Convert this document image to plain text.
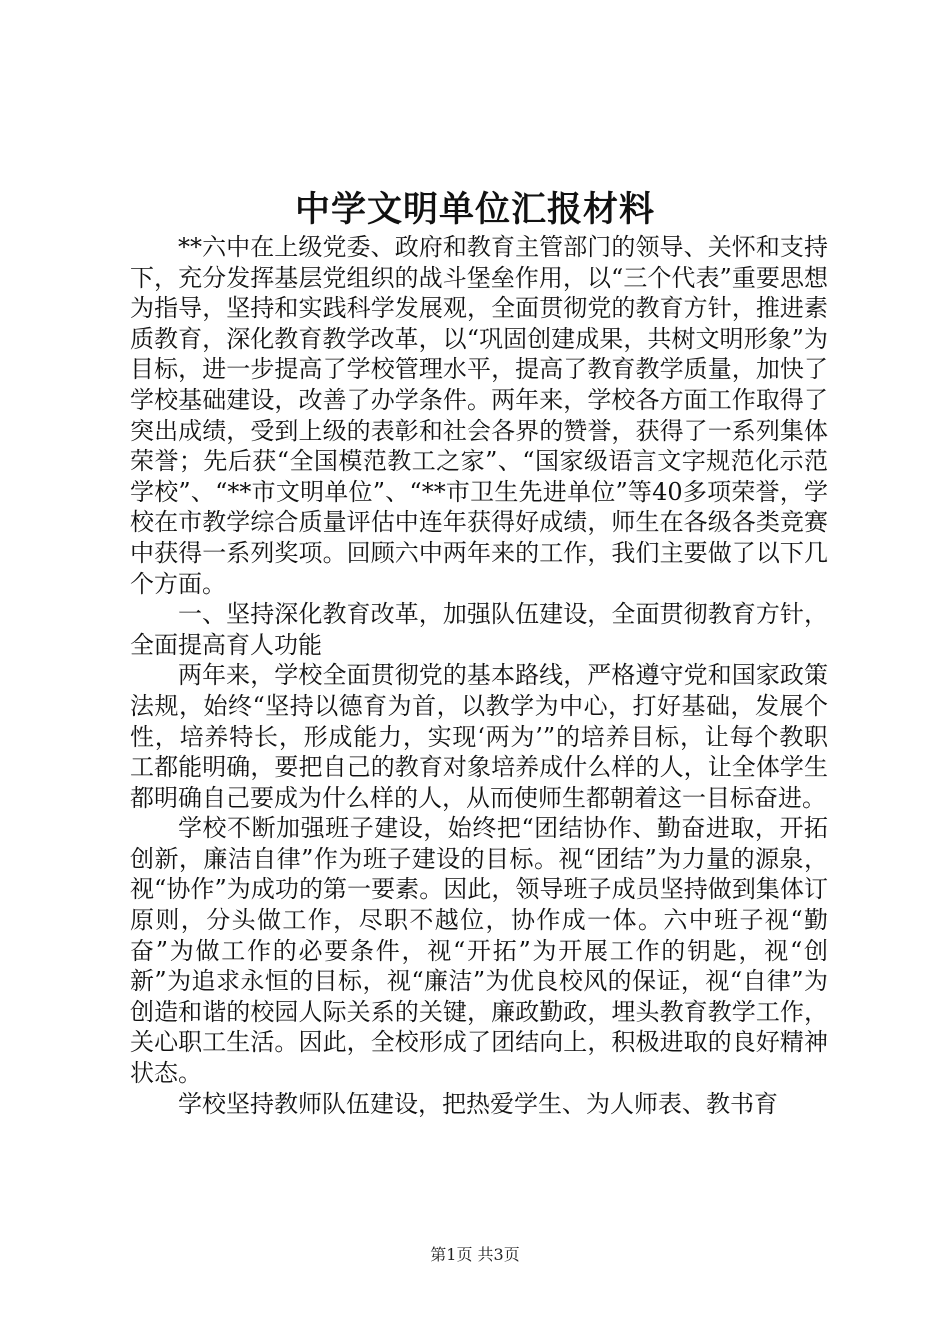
中学文明单位汇报材料

**六中在上级党委、政府和教育主管部门的领导、关怀和支持下，充分发挥基层党组织的战斗堡垒作用，以“三个代表”重要思想为指导，坚持和实践科学发展观，全面贯彻党的教育方针，推进素质教育，深化教育教学改革，以“巩固创建成果，共树文明形象”为目标，进一步提高了学校管理水平，提高了教育教学质量，加快了学校基础建设，改善了办学条件。两年来，学校各方面工作取得了突出成绩，受到上级的表彰和社会各界的赞誉，获得了一系列集体荣誉；先后获“全国模范教工之家”、“国家级语言文字规范化示范学校”、“**市文明单位”、“**市卫生先进单位”等40多项荣誉，学校在市教学综合质量评估中连年获得好成绩，师生在各级各类竞赛中获得一系列奖项。回顾六中两年来的工作，我们主要做了以下几个方面。

一、坚持深化教育改革，加强队伍建设，全面贯彻教育方针，全面提高育人功能

两年来，学校全面贯彻党的基本路线，严格遵守党和国家政策法规，始终“坚持以德育为首，以教学为中心，打好基础，发展个性，培养特长，形成能力，实现‘两为’”的培养目标，让每个教职工都能明确，要把自己的教育对象培养成什么样的人，让全体学生都明确自己要成为什么样的人，从而使师生都朝着这一目标奋进。

学校不断加强班子建设，始终把“团结协作、勤奋进取，开拓创新，廉洁自律”作为班子建设的目标。视“团结”为力量的源泉，视“协作”为成功的第一要素。因此，领导班子成员坚持做到集体订原则，分头做工作，尽职不越位，协作成一体。六中班子视“勤奋”为做工作的必要条件，视“开拓”为开展工作的钥匙，视“创新”为追求永恒的目标，视“廉洁”为优良校风的保证，视“自律”为创造和谐的校园人际关系的关键，廉政勤政，埋头教育教学工作，关心职工生活。因此，全校形成了团结向上，积极进取的良好精神状态。

学校坚持教师队伍建设，把热爱学生、为人师表、教书育

第1页 共3页
